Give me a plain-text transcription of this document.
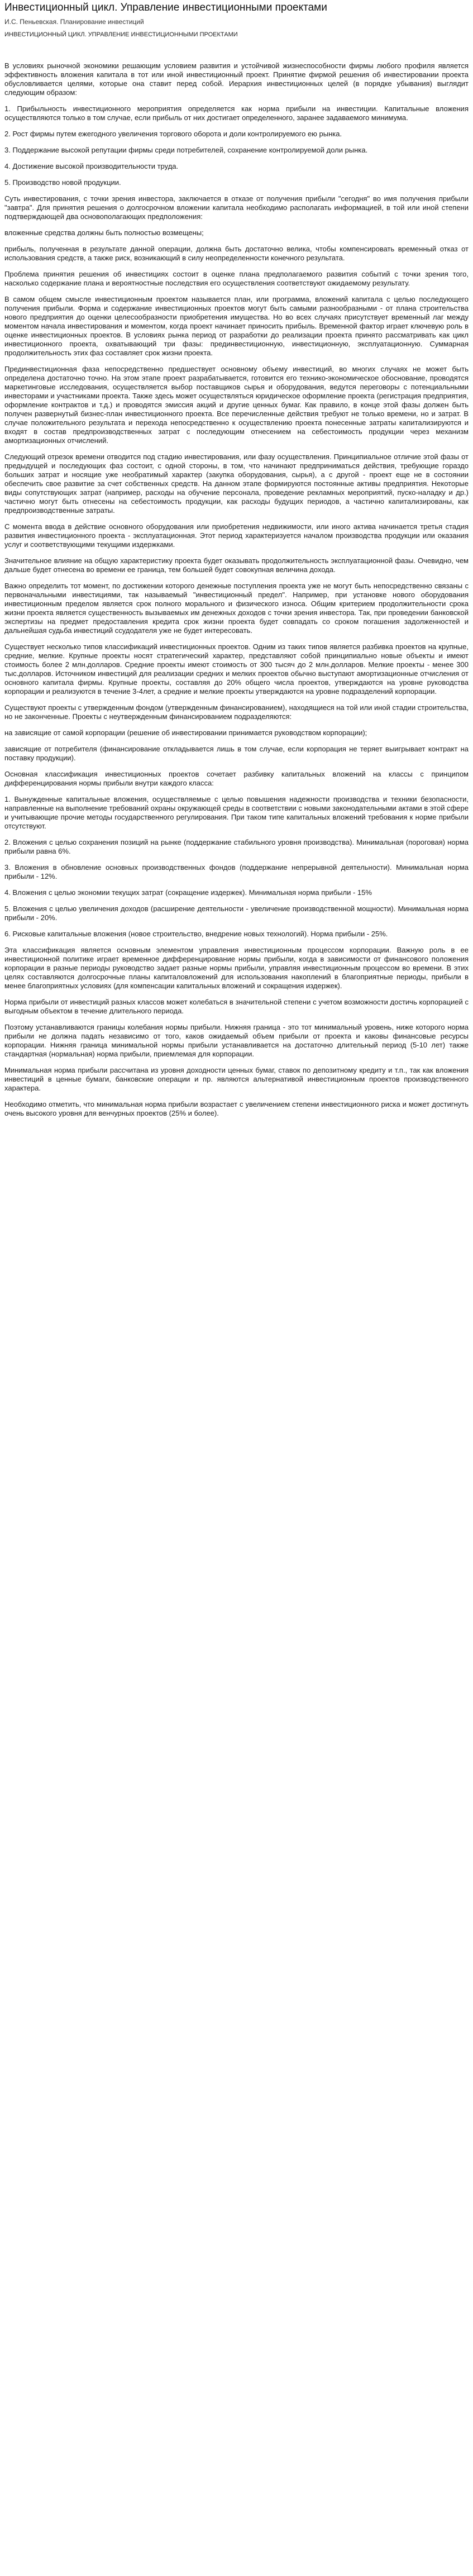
Инвестиционный цикл. Управление инвестиционными проектами
И.С. Пеньевская. Планирование инвестиций
ИНВЕСТИЦИОННЫЙ ЦИКЛ. УПРАВЛЕНИЕ ИНВЕСТИЦИОННЫМИ ПРОЕКТАМИ

В условиях рыночной экономики решающим условием развития и устойчивой жизнеспособности фирмы любого профиля является эффективность вложения капитала в тот или иной инвестиционный проект. Принятие фирмой решения об инвестировании проекта обусловливается целями, которые она ставит перед собой. Иерархия инвестиционных целей (в порядке убывания) выглядит следующим образом:

1. Прибыльность инвестиционного мероприятия определяется как норма прибыли на инвестиции. Капитальные вложения осуществляются только в том случае, если прибыль от них достигает определенного, заранее задаваемого минимума.

2. Рост фирмы путем ежегодного увеличения торгового оборота и доли контролируемого ею рынка.

3. Поддержание высокой репутации фирмы среди потребителей, сохранение контролируемой доли рынка.

4. Достижение высокой производительности труда.

5. Производство новой продукции.

Суть инвестирования, с точки зрения инвестора, заключается в отказе от получения прибыли "сегодня" во имя получения прибыли "завтра". Для принятия решения о долгосрочном вложении капитала необходимо располагать информацией, в той или иной степени подтверждающей два основополагающих предположения:

вложенные средства должны быть полностью возмещены;

прибыль, полученная в результате данной операции, должна быть достаточно велика, чтобы компенсировать временный отказ от использования средств, а также риск, возникающий в силу неопределенности конечного результата.

Проблема принятия решения об инвестициях состоит в оценке плана предполагаемого развития событий с точки зрения того, насколько содержание плана и вероятностные последствия его осуществления соответствуют ожидаемому результату.

В самом общем смысле инвестиционным проектом называется план, или программа, вложений капитала с целью последующего получения прибыли. Форма и содержание инвестиционных проектов могут быть самыми разнообразными - от плана строительства нового предприятия до оценки целесообразности приобретения имущества. Но во всех случаях присутствует временный лаг между моментом начала инвестирования и моментом, когда проект начинает приносить прибыль. Временной фактор играет ключевую роль в оценке инвестиционных проектов. В условиях рынка период от разработки до реализации проекта принято рассматривать как цикл инвестиционного проекта, охватывающий три фазы: прединвестиционную, инвестиционную, эксплуатационную. Суммарная продолжительность этих фаз составляет срок жизни проекта.

Прединвестиционная фаза непосредственно предшествует основному объему инвестиций, во многих случаях не может быть определена достаточно точно. На этом этапе проект разрабатывается, готовится его технико-экономическое обоснование, проводятся маркетинговые исследования, осуществляется выбор поставщиков сырья и оборудования, ведутся переговоры с потенциальными инвесторами и участниками проекта. Также здесь может осуществляться юридическое оформление проекта (регистрация предприятия, оформление контрактов и т.д.) и проводятся эмиссия акций и другие ценных бумаг. Как правило, в конце этой фазы должен быть получен развернутый бизнес-план инвестиционного проекта. Все перечисленные действия требуют не только времени, но и затрат. В случае положительного результата и перехода непосредственно к осуществлению проекта понесенные затраты капитализируются и входят в состав предпроизводственных затрат с последующим отнесением на себестоимость продукции через механизм амортизационных отчислений.

Следующий отрезок времени отводится под стадию инвестирования, или фазу осуществления. Принципиальное отличие этой фазы от предыдущей и последующих фаз состоит, с одной стороны, в том, что начинают предприниматься действия, требующие гораздо больших затрат и носящие уже необратимый характер (закупка оборудования, сырья), а с другой - проект еще не в состоянии обеспечить свое развитие за счет собственных средств. На данном этапе формируются постоянные активы предприятия. Некоторые виды сопутствующих затрат (например, расходы на обучение персонала, проведение рекламных мероприятий, пуско-наладку и др.) частично могут быть отнесены на себестоимость продукции, как расходы будущих периодов, а частично капитализированы, как предпроизводственные затраты.

С момента ввода в действие основного оборудования или приобретения недвижимости, или иного актива начинается третья стадия развития инвестиционного проекта - эксплуатационная. Этот период характеризуется началом производства продукции или оказания услуг и соответствующими текущими издержками.

Значительное влияние на общую характеристику проекта будет оказывать продолжительность эксплуатационной фазы. Очевидно, чем дальше будет отнесена во времени ее граница, тем большей будет совокупная величина дохода.

Важно определить тот момент, по достижении которого денежные поступления проекта уже не могут быть непосредственно связаны с первоначальными инвестициями, так называемый "инвестиционный предел". Например, при установке нового оборудования инвестиционным пределом является срок полного морального и физического износа. Общим критерием продолжительности срока жизни проекта является существенность вызываемых им денежных доходов с точки зрения инвестора. Так, при проведении банковской экспертизы на предмет предоставления кредита срок жизни проекта будет совпадать со сроком погашения задолженностей и дальнейшая судьба инвестиций ссудодателя уже не будет интересовать.

Существует несколько типов классификаций инвестиционных проектов. Одним из таких типов является разбивка проектов на крупные, средние, мелкие. Крупные проекты носят стратегический характер, представляют собой принципиально новые объекты и имеют стоимость более 2 млн.долларов. Средние проекты имеют стоимость от 300 тысяч до 2 млн.долларов. Мелкие проекты - менее 300 тыс.долларов. Источником инвестиций для реализации средних и мелких проектов обычно выступают амортизационные отчисления от основного капитала фирмы. Крупные проекты, составляя до 20% общего числа проектов, утверждаются на уровне руководства корпорации и реализуются в течение 3-4лет, а средние и мелкие проекты утверждаются на уровне подразделений корпорации.

Существуют проекты с утвержденным фондом (утвержденным финансированием), находящиеся на той или иной стадии строительства, но не законченные. Проекты с неутвержденным финансированием подразделяются:

на зависящие от самой корпорации (решение об инвестировании принимается руководством корпорации);

зависящие от потребителя (финансирование откладывается лишь в том случае, если корпорация не теряет выигрывает контракт на поставку продукции).

Основная классификация инвестиционных проектов сочетает разбивку капитальных вложений на классы с принципом дифференцирования нормы прибыли внутри каждого класса:

1. Вынужденные капитальные вложения, осуществляемые с целью повышения надежности производства и техники безопасности, направленные на выполнение требований охраны окружающей среды в соответствии с новыми законодательными актами в этой сфере и учитывающие прочие методы государственного регулирования. При таком типе капитальных вложений требования к норме прибыли отсутствуют.

2. Вложения с целью сохранения позиций на рынке (поддержание стабильного уровня производства). Минимальная (пороговая) норма прибыли равна 6%.

3. Вложения в обновление основных производственных фондов (поддержание непрерывной деятельности). Минимальная норма прибыли - 12%.

4. Вложения с целью экономии текущих затрат (сокращение издержек). Минимальная норма прибыли - 15%

5. Вложения с целью увеличения доходов (расширение деятельности - увеличение производственной мощности). Минимальная норма прибыли - 20%.

6. Рисковые капитальные вложения (новое строительство, внедрение новых технологий). Норма прибыли - 25%.

Эта классификация является основным элементом управления инвестиционным процессом корпорации. Важную роль в ее инвестиционной политике играет временное дифференцирование нормы прибыли, когда в зависимости от финансового положения корпорации в разные периоды руководство задает разные нормы прибыли, управляя инвестиционным процессом во времени. В этих целях составляются долгосрочные планы капиталовложений для использования накоплений в благоприятные периоды, прибыли в менее благоприятных условиях (для компенсации капитальных вложений и сокращения издержек).

Норма прибыли от инвестиций разных классов может колебаться в значительной степени с учетом возможности достичь корпорацией с выгодным объектом в течение длительного периода.

Поэтому устанавливаются границы колебания нормы прибыли. Нижняя граница - это тот минимальный уровень, ниже которого норма прибыли не должна падать независимо от того, каков ожидаемый объем прибыли от проекта и каковы финансовые ресурсы корпорации. Нижняя граница минимальной нормы прибыли устанавливается на достаточно длительный период (5-10 лет) также стандартная (нормальная) норма прибыли, приемлемая для корпорации.

Минимальная норма прибыли рассчитана из уровня доходности ценных бумаг, ставок по депозитному кредиту и т.п., так как вложения инвестиций в ценные бумаги, банковские операции и пр. являются альтернативой инвестиционным проектов производственного характера.

Необходимо отметить, что минимальная норма прибыли возрастает с увеличением степени инвестиционного риска и может достигнуть очень высокого уровня для венчурных проектов (25% и более).
